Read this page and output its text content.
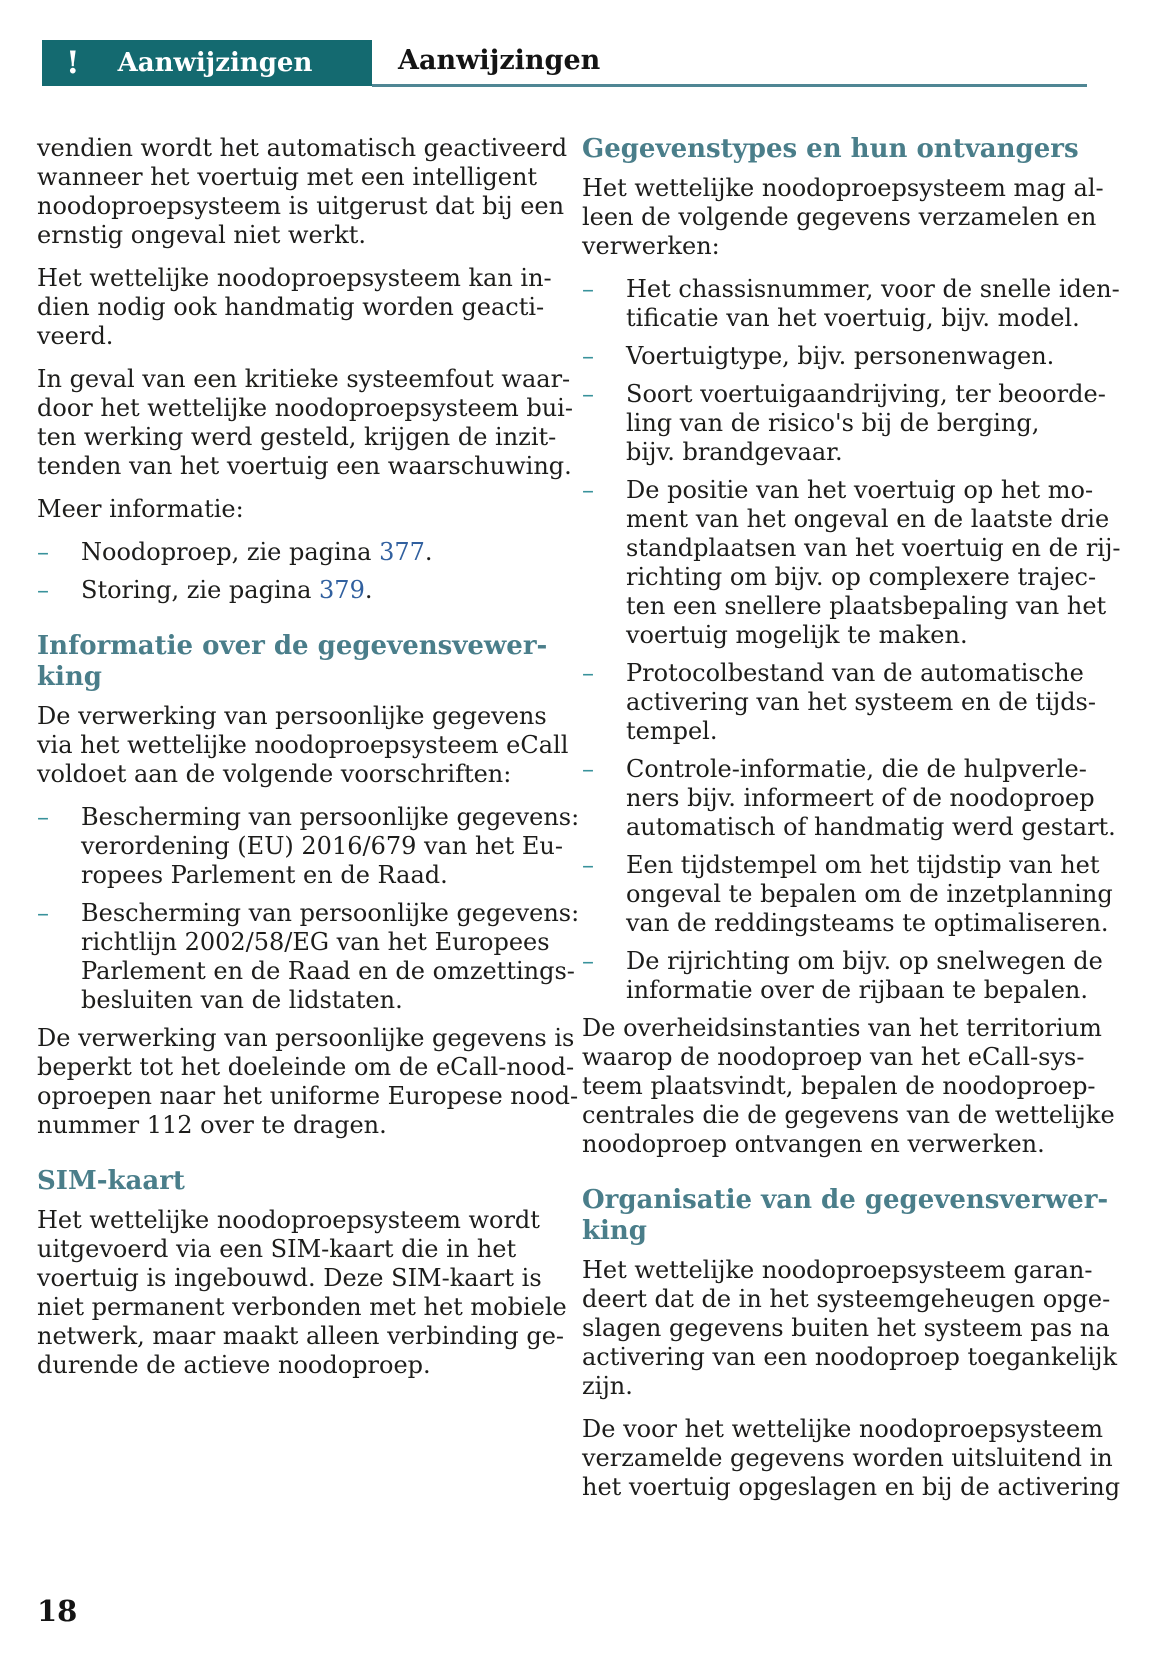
! Aanwijzingen	Aanwijzingen

vendien wordt het automatisch geactiveerd
wanneer het voertuig met een intelligent
noodoproepsysteem is uitgerust dat bij een
ernstig ongeval niet werkt.

Het wettelijke noodoproepsysteem kan in-
dien nodig ook handmatig worden geacti-
veerd.

In geval van een kritieke systeemfout waar-
door het wettelijke noodoproepsysteem bui-
ten werking werd gesteld, krijgen de inzit-
tenden van het voertuig een waarschuwing.

Meer informatie:

–	Noodoproep, zie pagina 377.
–	Storing, zie pagina 379.
Informatie over de gegevensvewer-
king

De verwerking van persoonlijke gegevens
via het wettelijke noodoproepsysteem eCall
voldoet aan de volgende voorschriften:

–	Bescherming van persoonlijke gegevens:
verordening (EU) 2016/679 van het Eu-
ropees Parlement en de Raad.
–	Bescherming van persoonlijke gegevens:
richtlijn 2002/58/EG van het Europees
Parlement en de Raad en de omzettings-
besluiten van de lidstaten.

De verwerking van persoonlijke gegevens is
beperkt tot het doeleinde om de eCall-nood-
oproepen naar het uniforme Europese nood-
nummer 112 over te dragen.

SIM-kaart

Het wettelijke noodoproepsysteem wordt
uitgevoerd via een SIM-kaart die in het
voertuig is ingebouwd. Deze SIM-kaart is
niet permanent verbonden met het mobiele
netwerk, maar maakt alleen verbinding ge-
durende de actieve noodoproep.

Gegevenstypes en hun ontvangers

Het wettelijke noodoproepsysteem mag al-
leen de volgende gegevens verzamelen en
verwerken:

–	Het chassisnummer, voor de snelle iden-
tificatie van het voertuig, bijv. model.
–	Voertuigtype, bijv. personenwagen.
–	Soort voertuigaandrijving, ter beoorde-
ling van de risico's bij de berging,
bijv. brandgevaar.
–	De positie van het voertuig op het mo-
ment van het ongeval en de laatste drie
standplaatsen van het voertuig en de rij-
richting om bijv. op complexere trajec-
ten een snellere plaatsbepaling van het
voertuig mogelijk te maken.
–	Protocolbestand van de automatische
activering van het systeem en de tijds-
tempel.
–	Controle-informatie, die de hulpverle-
ners bijv. informeert of de noodoproep
automatisch of handmatig werd gestart.
–	Een tijdstempel om het tijdstip van het
ongeval te bepalen om de inzetplanning
van de reddingsteams te optimaliseren.
–	De rijrichting om bijv. op snelwegen de
informatie over de rijbaan te bepalen.

De overheidsinstanties van het territorium
waarop de noodoproep van het eCall-sys-
teem plaatsvindt, bepalen de noodoproep-
centrales die de gegevens van de wettelijke
noodoproep ontvangen en verwerken.

Organisatie van de gegevensverwer-
king

Het wettelijke noodoproepsysteem garan-
deert dat de in het systeemgeheugen opge-
slagen gegevens buiten het systeem pas na
activering van een noodoproep toegankelijk
zijn.

De voor het wettelijke noodoproepsysteem
verzamelde gegevens worden uitsluitend in
het voertuig opgeslagen en bij de activering

18
